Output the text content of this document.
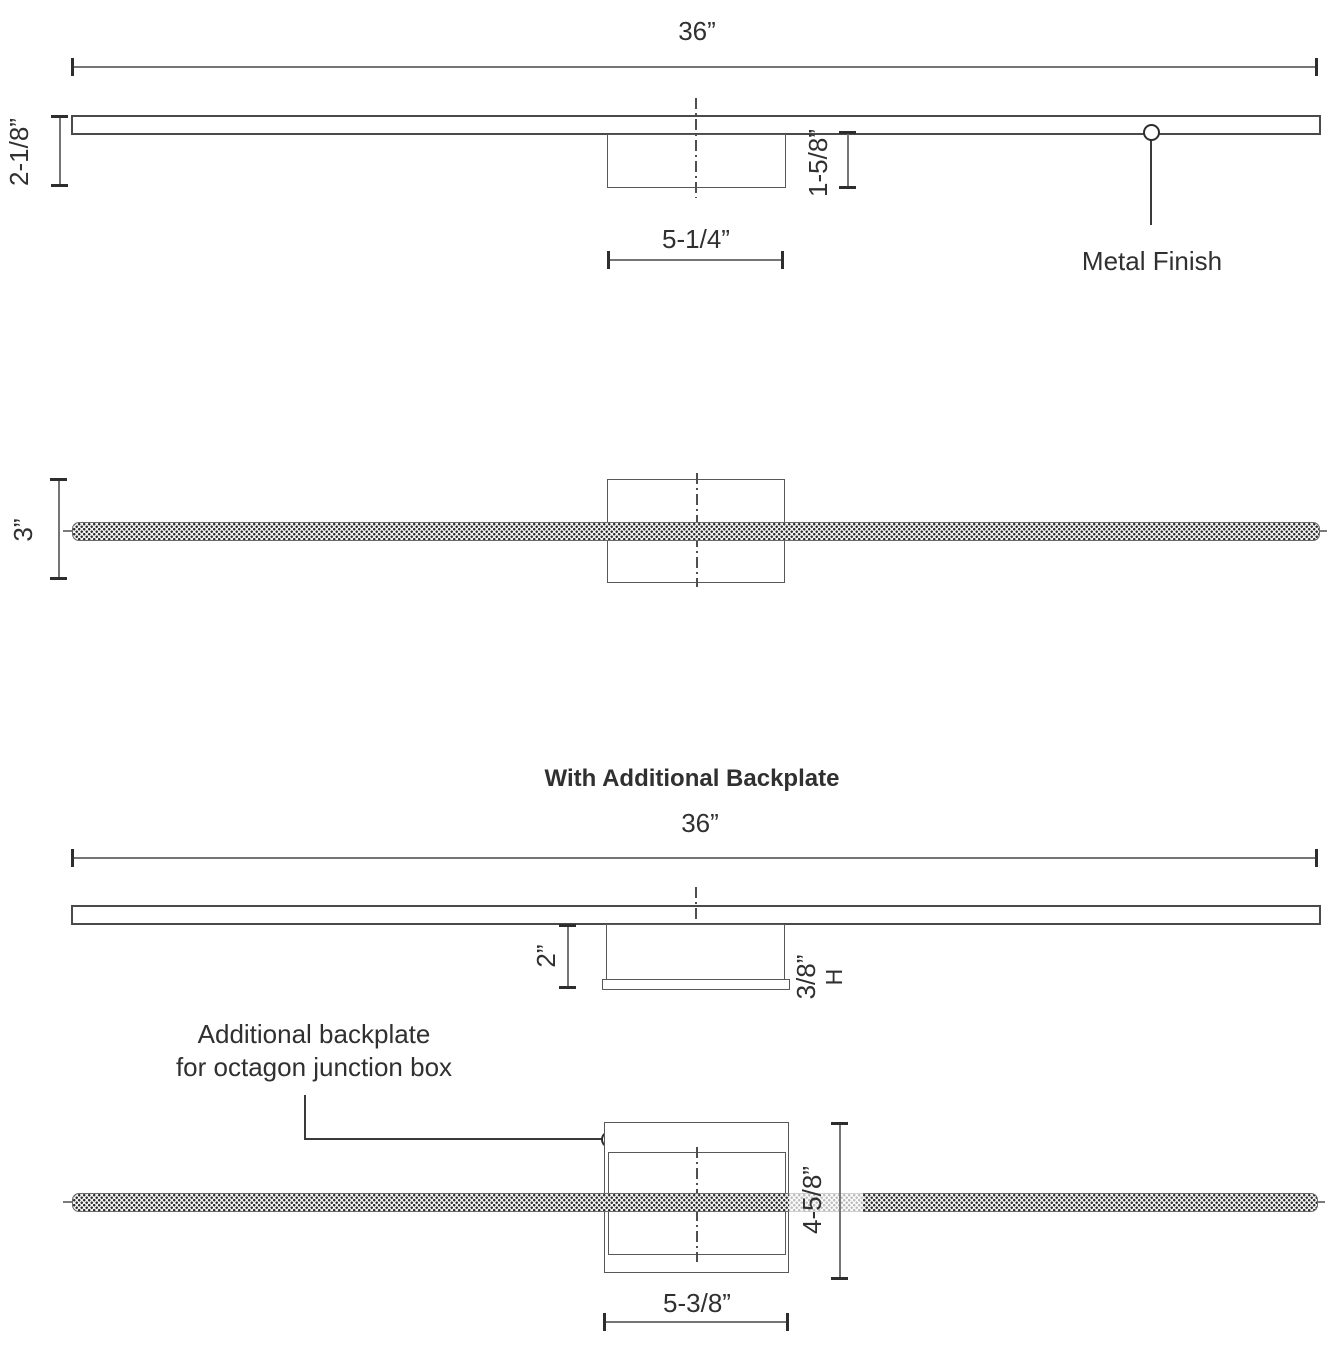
36”
2-1/8”	1-5/8”
5-1/4”
Metal Finish
3”
With Additional Backplate
36”
2”	3/8” H
Additional backplate
for octagon junction box
4-5/8”
5-3/8”
